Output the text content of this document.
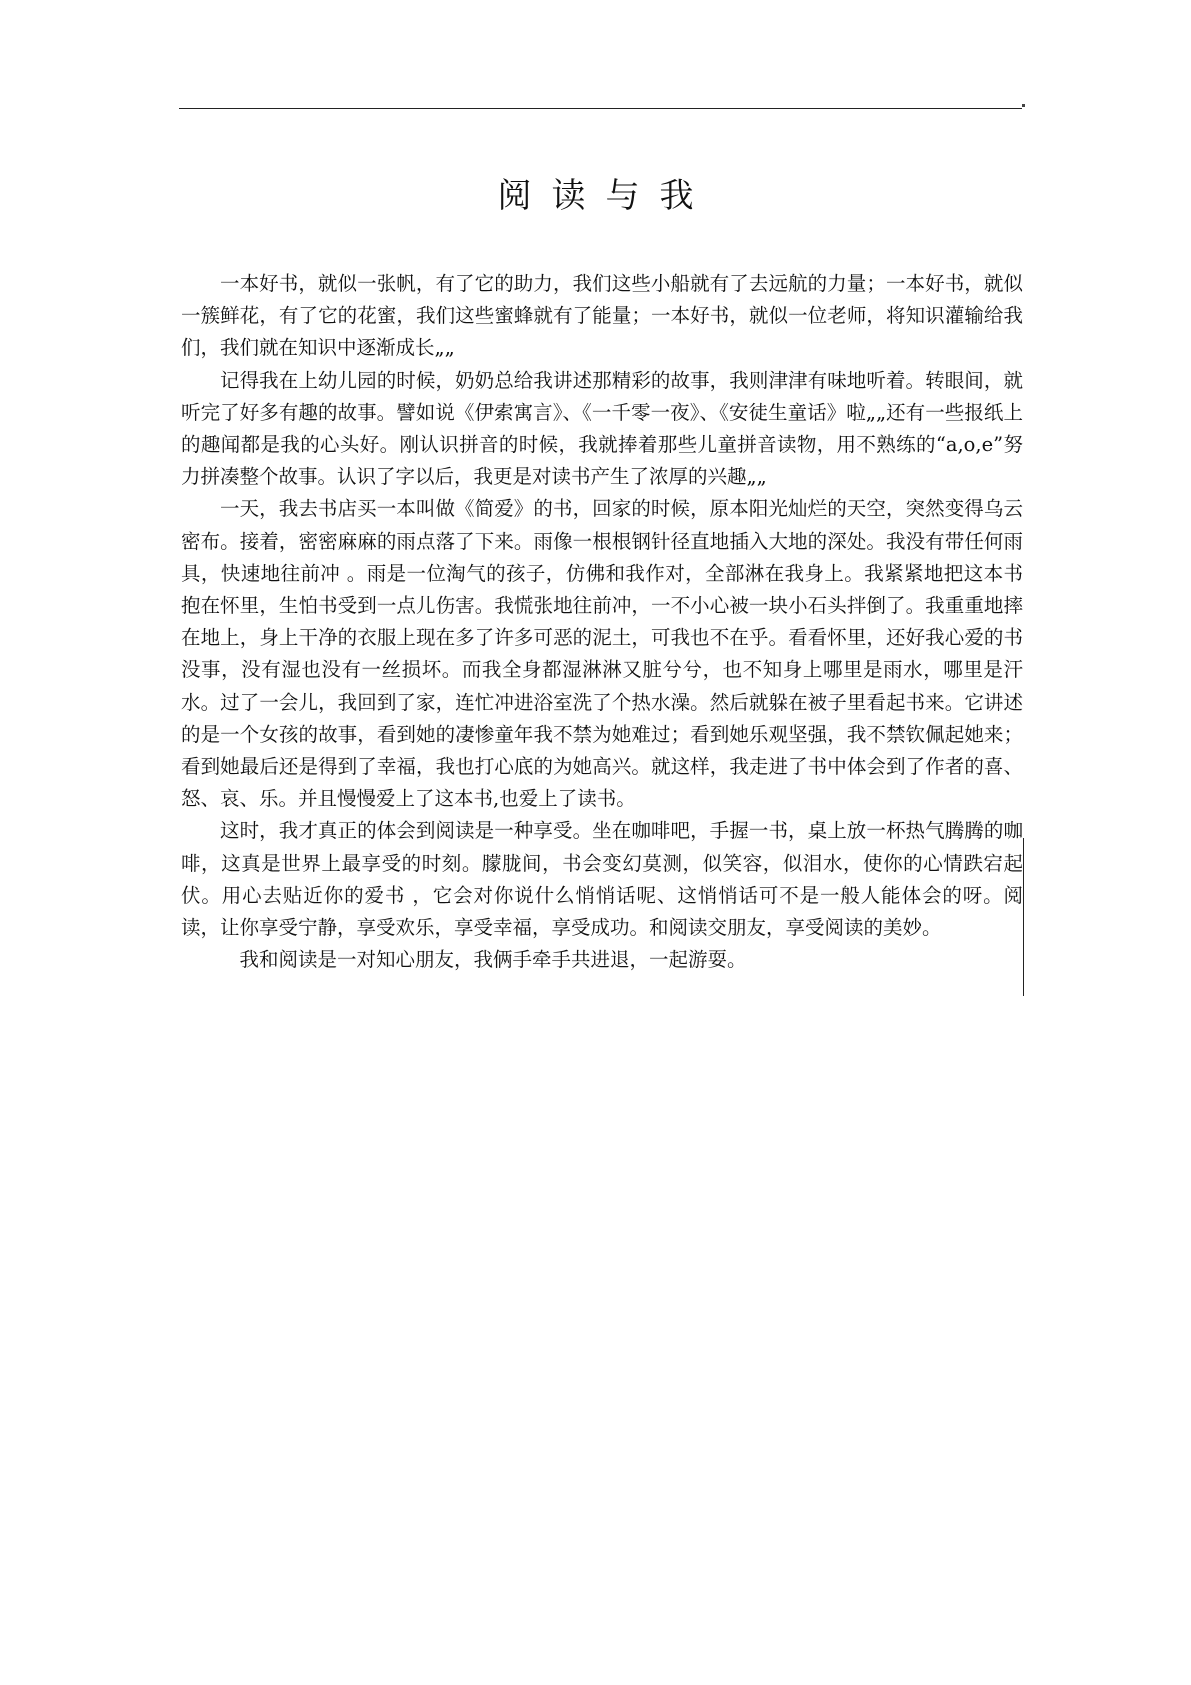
阅读与我

一本好书，就似一张帆，有了它的助力，我们这些小船就有了去远航的力量；一本好书，就似一簇鲜花，有了它的花蜜，我们这些蜜蜂就有了能量；一本好书，就似一位老师，将知识灌输给我们，我们就在知识中逐渐成长„„

记得我在上幼儿园的时候，奶奶总给我讲述那精彩的故事，我则津津有味地听着。转眼间，就听完了好多有趣的故事。譬如说《伊索寓言》、《一千零一夜》、《安徒生童话》啦„„还有一些报纸上的趣闻都是我的心头好。刚认识拼音的时候，我就捧着那些儿童拼音读物，用不熟练的“a,o,e”努力拼凑整个故事。认识了字以后，我更是对读书产生了浓厚的兴趣„„

一天，我去书店买一本叫做《简爱》的书，回家的时候，原本阳光灿烂的天空，突然变得乌云密布。接着，密密麻麻的雨点落了下来。雨像一根根钢针径直地插入大地的深处。我没有带任何雨具，快速地往前冲 。雨是一位淘气的孩子，仿佛和我作对，全部淋在我身上。我紧紧地把这本书抱在怀里，生怕书受到一点儿伤害。我慌张地往前冲，一不小心被一块小石头拌倒了。我重重地摔在地上，身上干净的衣服上现在多了许多可恶的泥土，可我也不在乎。看看怀里，还好我心爱的书没事，没有湿也没有一丝损坏。而我全身都湿淋淋又脏兮兮，也不知身上哪里是雨水，哪里是汗水。过了一会儿，我回到了家，连忙冲进浴室洗了个热水澡。然后就躲在被子里看起书来。它讲述的是一个女孩的故事，看到她的凄惨童年我不禁为她难过；看到她乐观坚强，我不禁钦佩起她来；看到她最后还是得到了幸福，我也打心底的为她高兴。就这样，我走进了书中体会到了作者的喜、怒、哀、乐。并且慢慢爱上了这本书,也爱上了读书。

这时，我才真正的体会到阅读是一种享受。坐在咖啡吧，手握一书，桌上放一杯热气腾腾的咖啡，这真是世界上最享受的时刻。朦胧间，书会变幻莫测，似笑容，似泪水，使你的心情跌宕起伏。用心去贴近你的爱书 ，它会对你说什么悄悄话呢、这悄悄话可不是一般人能体会的呀。阅读，让你享受宁静，享受欢乐，享受幸福，享受成功。和阅读交朋友，享受阅读的美妙。

我和阅读是一对知心朋友，我俩手牵手共进退，一起游耍。
